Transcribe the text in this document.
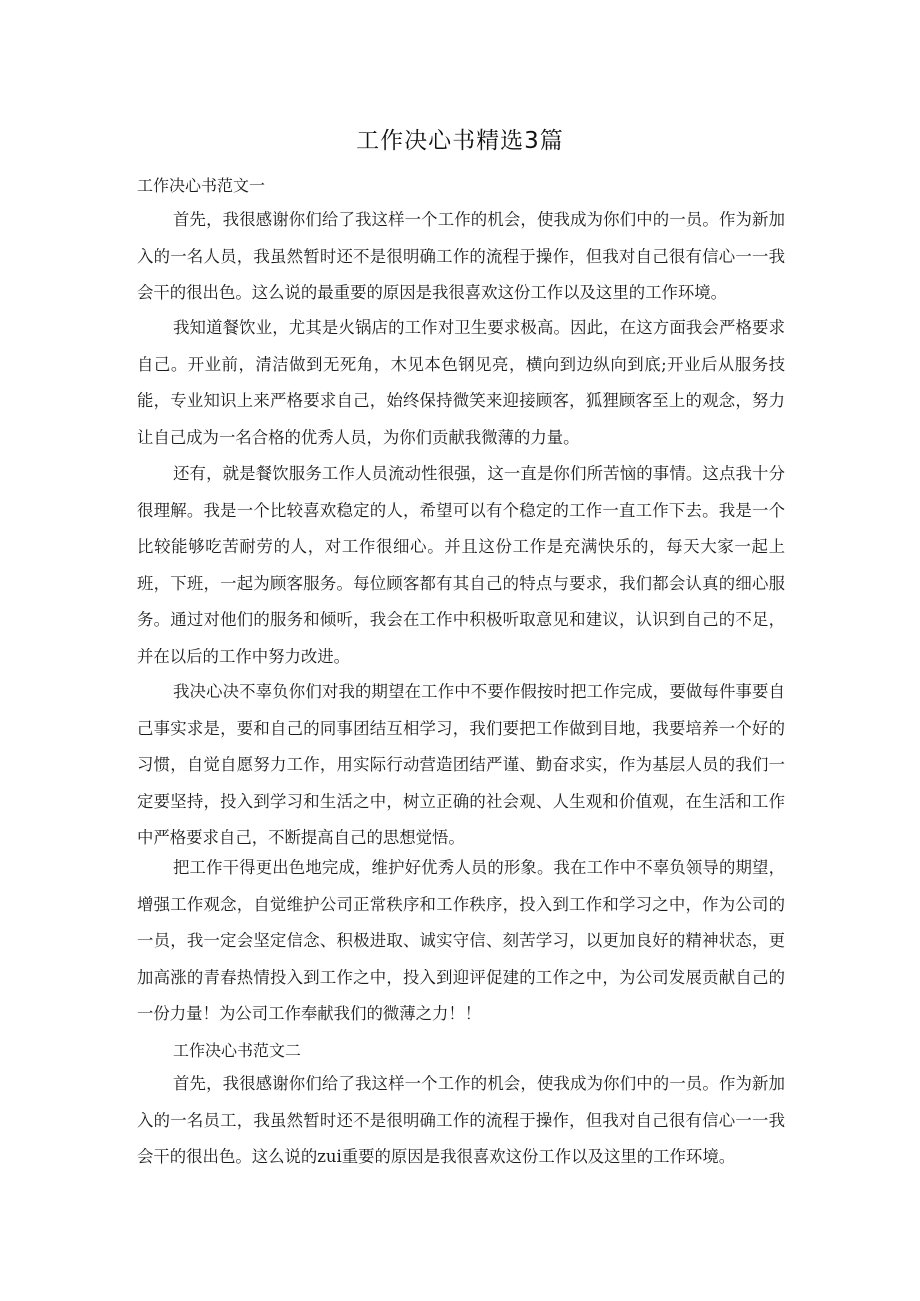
工作决心书精选3篇
工作决心书范文一

首先，我很感谢你们给了我这样一个工作的机会，使我成为你们中的一员。作为新加入的一名人员，我虽然暂时还不是很明确工作的流程于操作，但我对自己很有信心一一我会干的很出色。这么说的最重要的原因是我很喜欢这份工作以及这里的工作环境。

我知道餐饮业，尤其是火锅店的工作对卫生要求极高。因此，在这方面我会严格要求自己。开业前，清洁做到无死角，木见本色钢见亮，横向到边纵向到底;开业后从服务技能，专业知识上来严格要求自己，始终保持微笑来迎接顾客，狐狸顾客至上的观念，努力让自己成为一名合格的优秀人员，为你们贡献我微薄的力量。

还有，就是餐饮服务工作人员流动性很强，这一直是你们所苦恼的事情。这点我十分很理解。我是一个比较喜欢稳定的人，希望可以有个稳定的工作一直工作下去。我是一个比较能够吃苦耐劳的人，对工作很细心。并且这份工作是充满快乐的，每天大家一起上班，下班，一起为顾客服务。每位顾客都有其自己的特点与要求，我们都会认真的细心服务。通过对他们的服务和倾听，我会在工作中积极听取意见和建议，认识到自己的不足，并在以后的工作中努力改进。

我决心决不辜负你们对我的期望在工作中不要作假按时把工作完成，要做每件事要自己事实求是，要和自己的同事团结互相学习，我们要把工作做到目地，我要培养一个好的习惯，自觉自愿努力工作，用实际行动营造团结严谨、勤奋求实，作为基层人员的我们一定要坚持，投入到学习和生活之中，树立正确的社会观、人生观和价值观，在生活和工作中严格要求自己，不断提高自己的思想觉悟。

把工作干得更出色地完成，维护好优秀人员的形象。我在工作中不辜负领导的期望，增强工作观念，自觉维护公司正常秩序和工作秩序，投入到工作和学习之中，作为公司的一员，我一定会坚定信念、积极进取、诚实守信、刻苦学习，以更加良好的精神状态，更加高涨的青春热情投入到工作之中，投入到迎评促建的工作之中，为公司发展贡献自己的一份力量！为公司工作奉献我们的微薄之力！！

工作决心书范文二

首先，我很感谢你们给了我这样一个工作的机会，使我成为你们中的一员。作为新加入的一名员工，我虽然暂时还不是很明确工作的流程于操作，但我对自己很有信心一一我会干的很出色。这么说的zui重要的原因是我很喜欢这份工作以及这里的工作环境。
